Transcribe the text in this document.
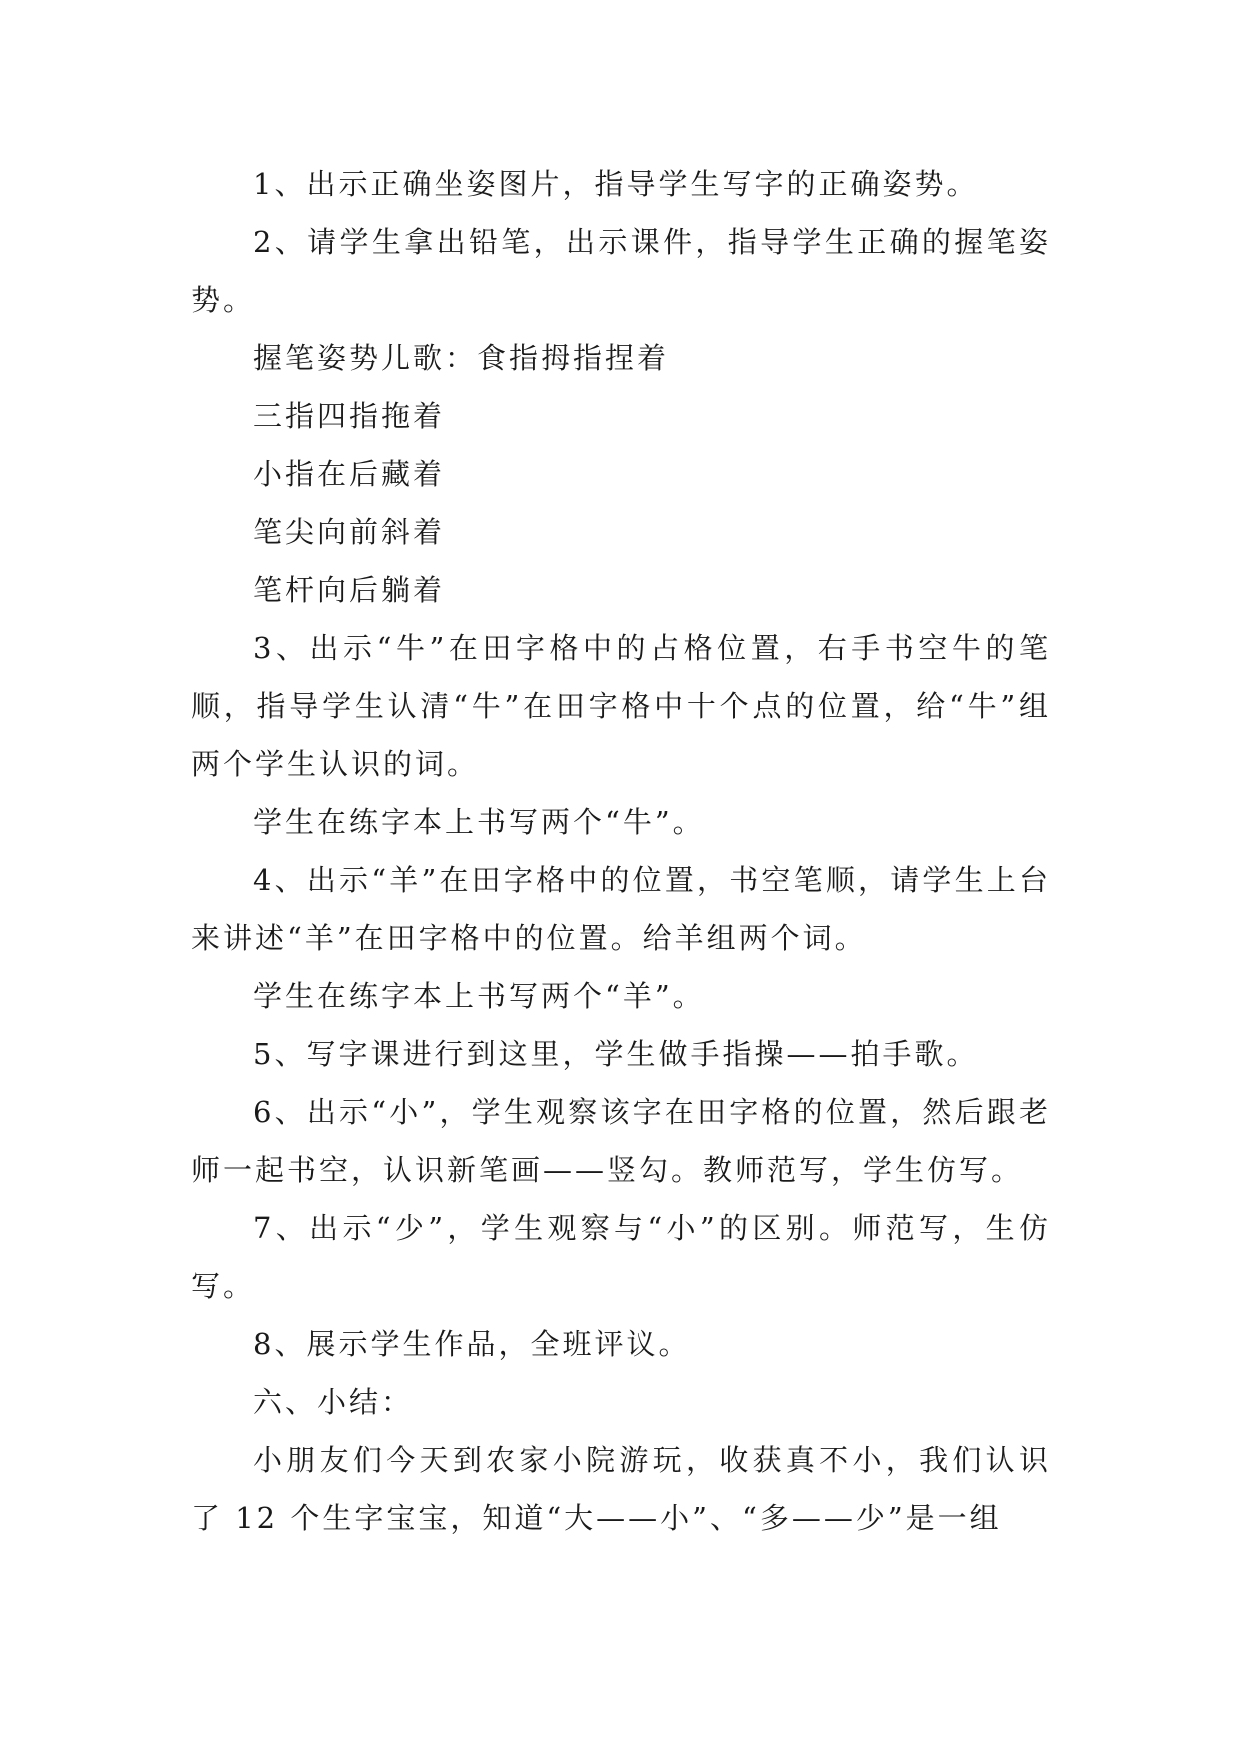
1、出示正确坐姿图片，指导学生写字的正确姿势。

2、请学生拿出铅笔，出示课件，指导学生正确的握笔姿势。

握笔姿势儿歌：食指拇指捏着

三指四指拖着

小指在后藏着

笔尖向前斜着

笔杆向后躺着

3、出示“牛”在田字格中的占格位置，右手书空牛的笔顺，指导学生认清“牛”在田字格中十个点的位置，给“牛”组两个学生认识的词。

学生在练字本上书写两个“牛”。

4、出示“羊”在田字格中的位置，书空笔顺，请学生上台来讲述“羊”在田字格中的位置。给羊组两个词。

学生在练字本上书写两个“羊”。

5、写字课进行到这里，学生做手指操——拍手歌。

6、出示“小”，学生观察该字在田字格的位置，然后跟老师一起书空，认识新笔画——竖勾。教师范写，学生仿写。

7、出示“少”，学生观察与“小”的区别。师范写，生仿写。

8、展示学生作品，全班评议。

六、小结：

小朋友们今天到农家小院游玩，收获真不小，我们认识了 12 个生字宝宝，知道“大——小”、“多——少”是一组
